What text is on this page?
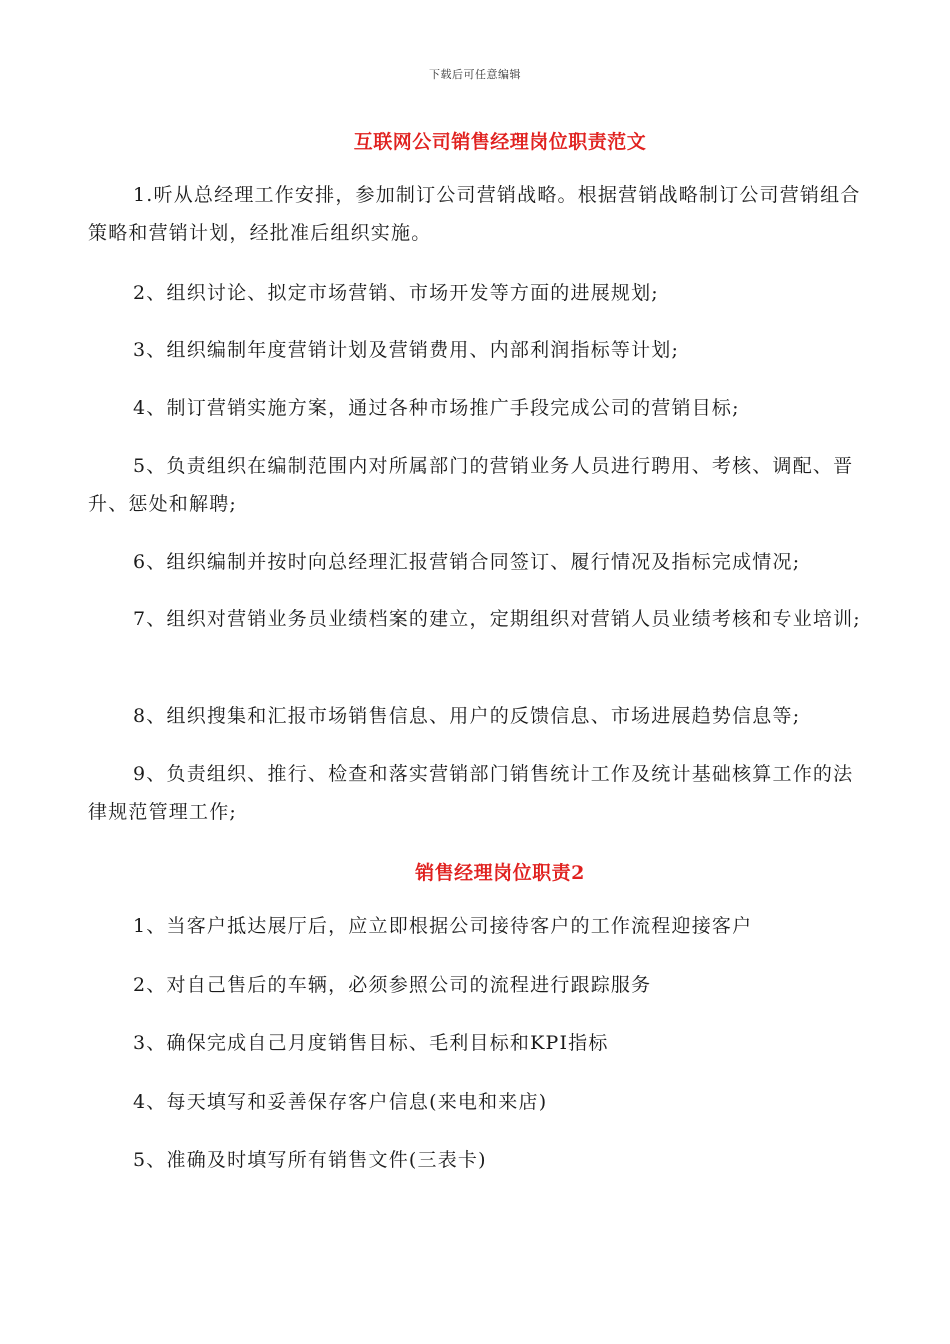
下载后可任意编辑
互联网公司销售经理岗位职责范文
1.听从总经理工作安排，参加制订公司营销战略。根据营销战略制订公司营销组合策略和营销计划，经批准后组织实施。
2、组织讨论、拟定市场营销、市场开发等方面的进展规划;
3、组织编制年度营销计划及营销费用、内部利润指标等计划;
4、制订营销实施方案，通过各种市场推广手段完成公司的营销目标;
5、负责组织在编制范围内对所属部门的营销业务人员进行聘用、考核、调配、晋升、惩处和解聘;
6、组织编制并按时向总经理汇报营销合同签订、履行情况及指标完成情况;
7、组织对营销业务员业绩档案的建立，定期组织对营销人员业绩考核和专业培训;
8、组织搜集和汇报市场销售信息、用户的反馈信息、市场进展趋势信息等;
9、负责组织、推行、检查和落实营销部门销售统计工作及统计基础核算工作的法律规范管理工作;
销售经理岗位职责2
1、当客户抵达展厅后，应立即根据公司接待客户的工作流程迎接客户
2、对自己售后的车辆，必须参照公司的流程进行跟踪服务
3、确保完成自己月度销售目标、毛利目标和KPI指标
4、每天填写和妥善保存客户信息(来电和来店)
5、准确及时填写所有销售文件(三表卡)
